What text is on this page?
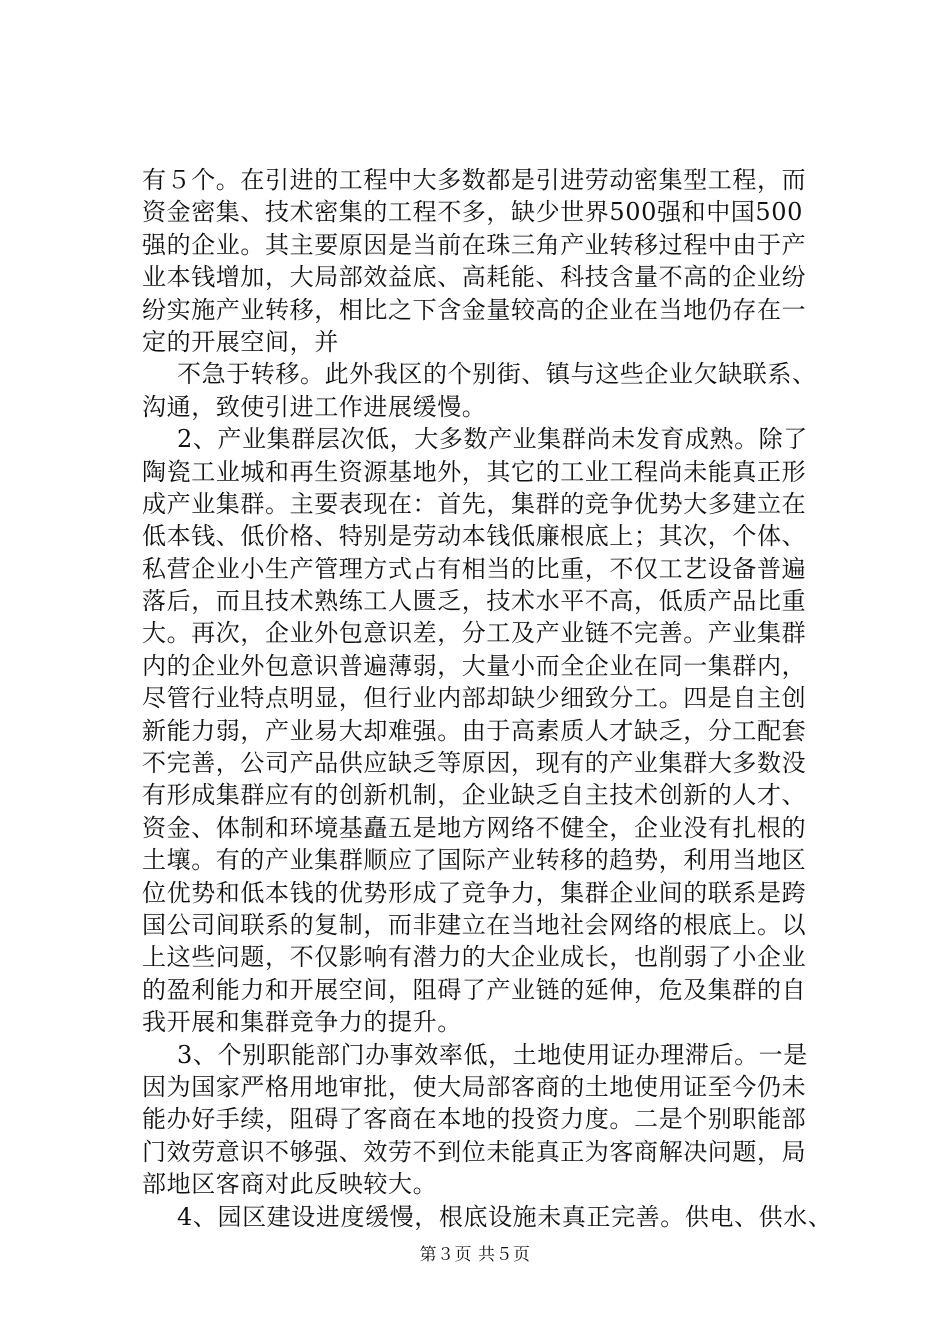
有５个。在引进的工程中大多数都是引进劳动密集型工程，而
资金密集、技术密集的工程不多，缺少世界500强和中国500
强的企业。其主要原因是当前在珠三角产业转移过程中由于产
业本钱增加，大局部效益底、高耗能、科技含量不高的企业纷
纷实施产业转移，相比之下含金量较高的企业在当地仍存在一
定的开展空间，并
不急于转移。此外我区的个别街、镇与这些企业欠缺联系、
沟通，致使引进工作进展缓慢。
2、产业集群层次低，大多数产业集群尚未发育成熟。除了
陶瓷工业城和再生资源基地外，其它的工业工程尚未能真正形
成产业集群。主要表现在：首先，集群的竞争优势大多建立在
低本钱、低价格、特别是劳动本钱低廉根底上；其次，个体、
私营企业小生产管理方式占有相当的比重，不仅工艺设备普遍
落后，而且技术熟练工人匮乏，技术水平不高，低质产品比重
大。再次，企业外包意识差，分工及产业链不完善。产业集群
内的企业外包意识普遍薄弱，大量小而全企业在同一集群内，
尽管行业特点明显，但行业内部却缺少细致分工。四是自主创
新能力弱，产业易大却难强。由于高素质人才缺乏，分工配套
不完善，公司产品供应缺乏等原因，现有的产业集群大多数没
有形成集群应有的创新机制，企业缺乏自主技术创新的人才、
资金、体制和环境基矗五是地方网络不健全，企业没有扎根的
土壤。有的产业集群顺应了国际产业转移的趋势，利用当地区
位优势和低本钱的优势形成了竞争力，集群企业间的联系是跨
国公司间联系的复制，而非建立在当地社会网络的根底上。以
上这些问题，不仅影响有潜力的大企业成长，也削弱了小企业
的盈利能力和开展空间，阻碍了产业链的延伸，危及集群的自
我开展和集群竞争力的提升。
3、个别职能部门办事效率低，土地使用证办理滞后。一是
因为国家严格用地审批，使大局部客商的土地使用证至今仍未
能办好手续，阻碍了客商在本地的投资力度。二是个别职能部
门效劳意识不够强、效劳不到位未能真正为客商解决问题，局
部地区客商对此反映较大。
4、园区建设进度缓慢，根底设施未真正完善。供电、供水、
第３页 共５页
